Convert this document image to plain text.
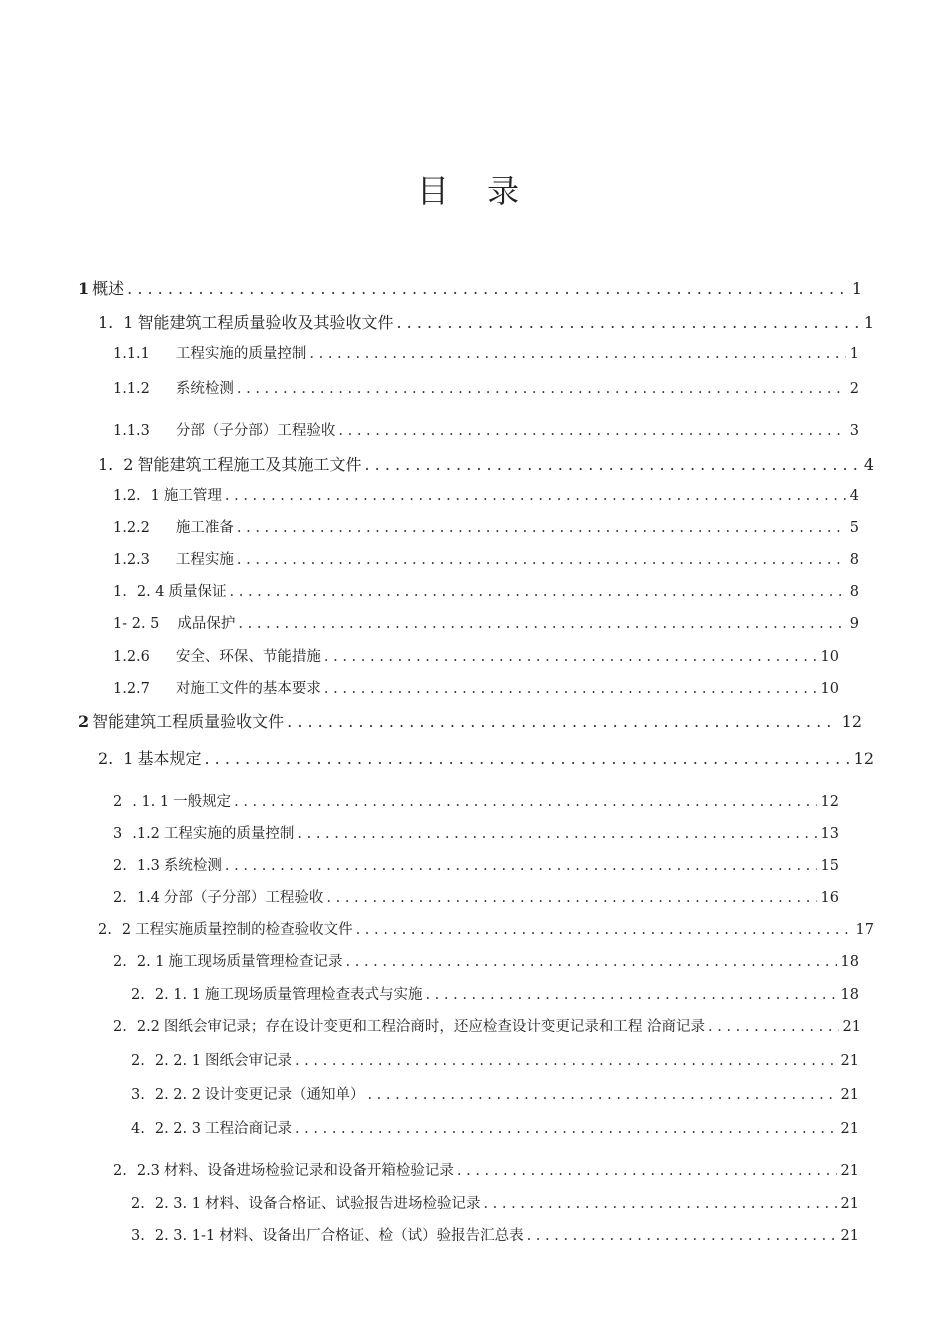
目 录
1 概述 . . .	1
1. 1 智能建筑工程质量验收及其验收文件 . . .	1
1.1.1 工程实施的质量控制 . . .	1
1.1.2 系统检测 . . .	2
1.1.3 分部（子分部）工程验收 . . .	3
1. 2 智能建筑工程施工及其施工文件 . . .	4
1.2. 1 施工管理 . . .	4
1.2.2 施工准备 . . .	5
1.2.3 工程实施 . . .	8
1. 2. 4 质量保证 . . .	8
1- 2. 5 成品保护 . . .	9
1.2.6 安全、环保、节能措施 . . .	10
1.2.7 对施工文件的基本要求 . . .	10
2 智能建筑工程质量验收文件 . . .	12
2. 1 基本规定 . . .	12
2 . 1. 1 一般规定 . . .	12
3 .1.2 工程实施的质量控制 . . .	13
2. 1.3 系统检测 . . .	15
2. 1.4 分部（子分部）工程验收 . . .	16
2. 2 工程实施质量控制的检查验收文件 . . .	17
2. 2. 1 施工现场质量管理检查记录 . . .	18
2. 2. 1. 1 施工现场质量管理检查表式与实施 . . .	18
2. 2.2 图纸会审记录；存在设计变更和工程洽商时，还应检查设计变更记录和工程 洽商记录 . . .	21
2. 2. 2. 1 图纸会审记录 . . .	21
3. 2. 2. 2 设计变更记录（通知单） . . .	21
4. 2. 2. 3 工程洽商记录 . . .	21
2. 2.3 材料、设备进场检验记录和设备开箱检验记录 . . .	21
2. 2. 3. 1 材料、设备合格证、试验报告进场检验记录 . . .	21
3. 2. 3. 1-1 材料、设备出厂合格证、检（试）验报告汇总表 . . .	21
